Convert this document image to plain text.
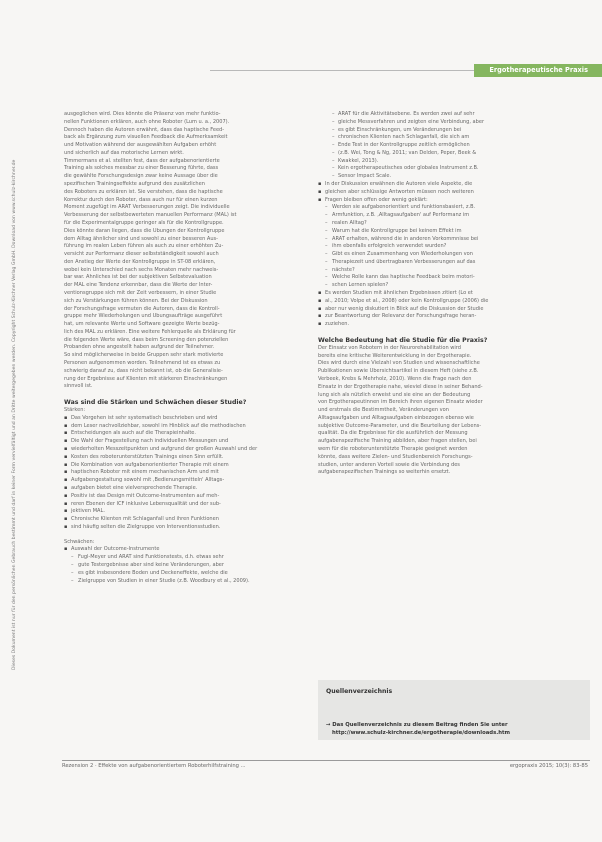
Dieses Dokument ist nur für den persönlichen Gebrauch bestimmt und darf in keiner Form vervielfältigt und an Dritte weitergegeben werden. Copyright Schulz-Kirchner Verlag GmbH. Download von www.schulz-kirchner.de
Ergotherapeutische Praxis

ausgeglichen wird. Dies könnte die Präsenz von mehr funktio-

nellen Funktionen erklären, auch ohne Roboter (Lum u. a., 2007).

Dennoch haben die Autoren erwähnt, dass das haptische Feed-

back als Ergänzung zum visuellen Feedback die Aufmerksamkeit

und Motivation während der ausgewählten Aufgaben erhöht

und sicherlich auf das motorische Lernen wirkt.

Timmermans et al. stellten fest, dass der aufgabenorientierte

Training als solches messbar zu einer Besserung führte, dass

die gewählte Forschungsdesign zwar keine Aussage über die

spezifischen Trainingseffekte aufgrund des zusätzlichen

des Roboters zu erklären ist. Sie verstehen, dass die haptische

Korrektur durch den Roboter, dass auch nur für einen kurzen

Moment zugefügt im ARAT Verbesserungen zeigt. Die individuelle

Verbesserung der selbstbewerteten manuellen Performanz (MAL) ist

für die Experimentalgruppe geringer als für die Kontrollgruppe.

Dies könnte daran liegen, dass die Übungen der Kontrollgruppe

dem Alltag ähnlicher sind und sowohl zu einer besseren Aus-

führung im realen Leben führen als auch zu einer erhöhten Zu-

versicht zur Performanz dieser selbstständigkeit sowohl auch

den Anstieg der Werte der Kontrollgruppe in ST-08 erklären,

wobei kein Unterschied nach sechs Monaten mehr nachweis-

bar war. Ähnliches ist bei der subjektiven Selbstevaluation

der MAL eine Tendenz erkennbar, dass die Werte der Inter-

ventionsgruppe sich mit der Zeit verbessern, in einer Studie

sich zu Verstärkungen führen können. Bei der Diskussion

der Forschungsfrage vermuten die Autoren, dass die Kontroll-

gruppe mehr Wiederholungen und Übungsaufträge ausgeführt

hat, um relevante Werte und Software gezeigte Werte bezüg-

lich des MAL zu erklären. Eine weitere Fehlerquelle als Erklärung für

die folgenden Werte wäre, dass beim Screening den potenziellen

Probanden ohne angestellt haben aufgrund der Teilnehmer.

So sind möglicherweise in beide Gruppen sehr stark motivierte

Personen aufgenommen worden. Teilnehmend ist es etwas zu

schwierig darauf zu, dass nicht bekannt ist, ob die Generalisie-

rung der Ergebnisse auf Klienten mit stärkeren Einschränkungen

sinnvoll ist.

Was sind die Stärken und Schwächen dieser Studie?

Stärken:

▪ Das Vorgehen ist sehr systematisch beschrieben und wird

▪ dem Leser nachvollziehbar, sowohl im Hinblick auf die methodischen

▪ Entscheidungen als auch auf die Therapieinhalte.

▪ Die Wahl der Fragestellung nach individuellen Messungen und

▪ wiederholten Messzeitpunkten und aufgrund der großen Auswahl und der

▪ Kosten des roboterunterstützten Trainings einen Sinn erfüllt.

▪ Die Kombination von aufgabenorientierter Therapie mit einem

▪ haptischen Roboter mit einem mechanischen Arm und mit

▪ Aufgabengestaltung sowohl mit ‚Bedienungsmitteln' Alltags-

▪ aufgaben bietet eine vielversprechende Therapie.

▪ Positiv ist das Design mit Outcome-Instrumenten auf meh-

▪ reren Ebenen der ICF inklusive Lebensqualität und der sub-

▪ jektiven MAL.

▪ Chronische Klienten mit Schlaganfall und ihren Funktionen

▪ sind häufig selten die Zielgruppe von Interventionsstudien.

Schwächen:

▪ Auswahl der Outcome-Instrumente

– Fugl-Meyer und ARAT sind Funktionstests, d.h. etwas sehr

– gute Testergebnisse aber sind keine Veränderungen, aber

– es gibt insbesondere Boden und Deckeneffekte, welche die

– Zielgruppe von Studien in einer Studie (z.B. Woodbury et al., 2009).

– ARAT für die Aktivitätsebene. Es werden zwei auf sehr

– gleiche Messverfahren und zeigten eine Verbindung, aber

– es gibt Einschränkungen, um Veränderungen bei

– chronischen Klienten nach Schlaganfall, die sich am

– Ende Test in der Kontrollgruppe zeitlich ermöglichen

– (z.B. Wei, Tong & Ng, 2011; van Delden, Peper, Beek &

– Kwakkel, 2013).

– Kein ergotherapeutisches oder globales Instrument z.B.

– Sensor Impact Scale.

▪ In der Diskussion erwähnen die Autoren viele Aspekte, die

▪ gleichen aber schlüssige Antworten müssen noch weiteren

▪ Fragen bleiben offen oder wenig geklärt:

– Werden sie aufgabenorientiert und funktionsbasiert, z.B.

– Armfunktion, z.B. ‚Alltagsaufgaben' auf Performanz im

– realen Alltag?

– Warum hat die Kontrollgruppe bei keinem Effekt im

– ARAT erhalten, während die in anderen Vorkommnisse bei

– ihm ebenfalls erfolgreich verwendet wurden?

– Gibt es einen Zusammenhang von Wiederholungen von

– Therapiezeit und übertragbaren Verbesserungen auf das

– nächste?

– Welche Rolle kann das haptische Feedback beim motori-

– schen Lernen spielen?

▪ Es werden Studien mit ähnlichen Ergebnissen zitiert (Lo et

▪ al., 2010; Volpe et al., 2008) oder kein Kontrollgruppe (2006) die

▪ aber nur wenig diskutiert in Blick auf die Diskussion der Studie

▪ zur Beantwortung der Relevanz der Forschungsfrage heran-

▪ zuziehen.

Welche Bedeutung hat die Studie für die Praxis?

Der Einsatz von Robotern in der Neurorehabilitation wird

bereits eine kritische Weiterentwicklung in der Ergotherapie.

Dies wird durch eine Vielzahl von Studien und wissenschaftliche

Publikationen sowie Übersichtsartikel in diesem Heft (siehe z.B.

Verbeek, Krebs & Mehrholz, 2010). Wenn die Frage nach den

Einsatz in der Ergotherapie nahe, wieviel diese in seiner Behand-

lung sich als nützlich erweist und sie eine an der Bedeutung

von Ergotherapeutinnen im Bereich ihren eigenen Einsatz wieder

und erstmals die Bestimmtheit, Veränderungen von

Alltagsaufgaben und Alltagsaufgaben einbezogen ebenso wie

subjektive Outcome-Parameter, und die Beurteilung der Lebens-

qualität. Da die Ergebnisse für die ausführlich der Messung

aufgabenspezifische Training abbilden, aber fragen stellen, bei

wem für die roboterunterstützte Therapie geeignet werden

könnte, dass weitere Zielen- und Studienbereich Forschungs-

studien, unter anderen Vorteil sowie die Verbindung des

aufgabenspezifischen Trainings so weiterhin ersetzt.

Quellenverzeichnis
→ Das Quellenverzeichnis zu diesem Beitrag finden Sie unter
http://www.schulz-kirchner.de/ergotherapie/downloads.htm
Rezension 2 · Effekte von aufgabenorientiertem Roboterhilfstraining ...	ergopraxis 2015; 10(3): 83-85
